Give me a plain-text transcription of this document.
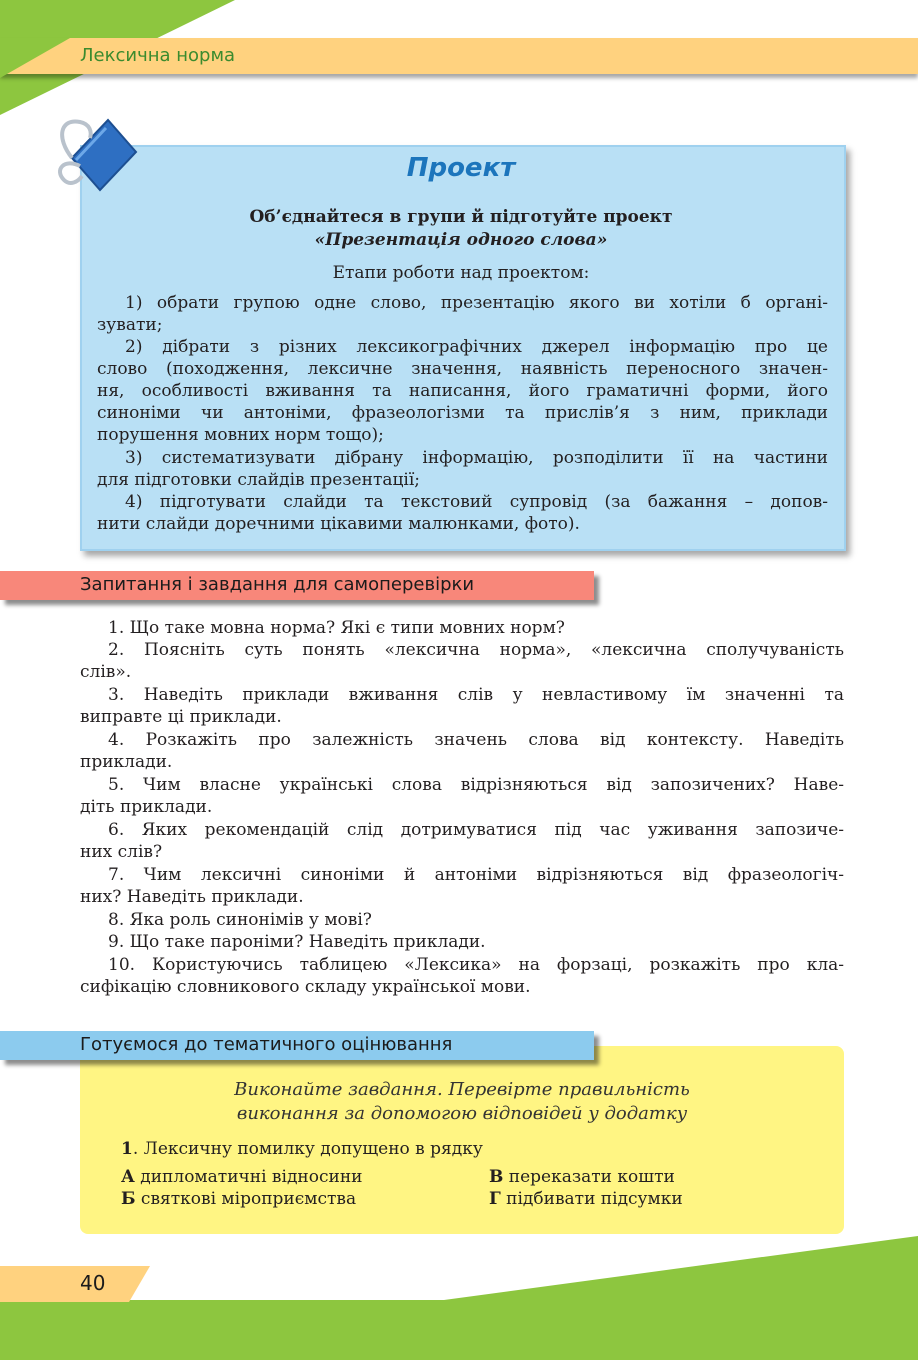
Лексична норма
Проект
Об’єднайтеся в групи й підготуйте проект
«Презентація одного слова»
Етапи роботи над проектом:
1) обрати групою одне слово, презентацію якого ви хотіли б органі-
зувати;
2) дібрати з різних лексикографічних джерел інформацію про це
слово (походження, лексичне значення, наявність переносного значен-
ня, особливості вживання та написання, його граматичні форми, його
синоніми чи антоніми, фразеологізми та прислів’я з ним, приклади
порушення мовних норм тощо);
3) систематизувати дібрану інформацію, розподілити її на частини
для підготовки слайдів презентації;
4) підготувати слайди та текстовий супровід (за бажання – допов-
нити слайди доречними цікавими малюнками, фото).
Запитання і завдання для самоперевірки
1. Що таке мовна норма? Які є типи мовних норм?
2. Поясніть суть понять «лексична норма», «лексична сполучуваність
слів».
3. Наведіть приклади вживання слів у невластивому їм значенні та
виправте ці приклади.
4. Розкажіть про залежність значень слова від контексту. Наведіть
приклади.
5. Чим власне українські слова відрізняються від запозичених? Наве-
діть приклади.
6. Яких рекомендацій слід дотримуватися під час уживання запозиче-
них слів?
7. Чим лексичні синоніми й антоніми відрізняються від фразеологіч-
них? Наведіть приклади.
8. Яка роль синонімів у мові?
9. Що таке пароніми? Наведіть приклади.
10. Користуючись таблицею «Лексика» на форзаці, розкажіть про кла-
сифікацію словникового складу української мови.
Готуємося до тематичного оцінювання
Виконайте завдання. Перевірте правильність
виконання за допомогою відповідей у додатку
1. Лексичну помилку допущено в рядку
А дипломатичні відносини
Б святкові міроприємства
В переказати кошти
Г підбивати підсумки
40
